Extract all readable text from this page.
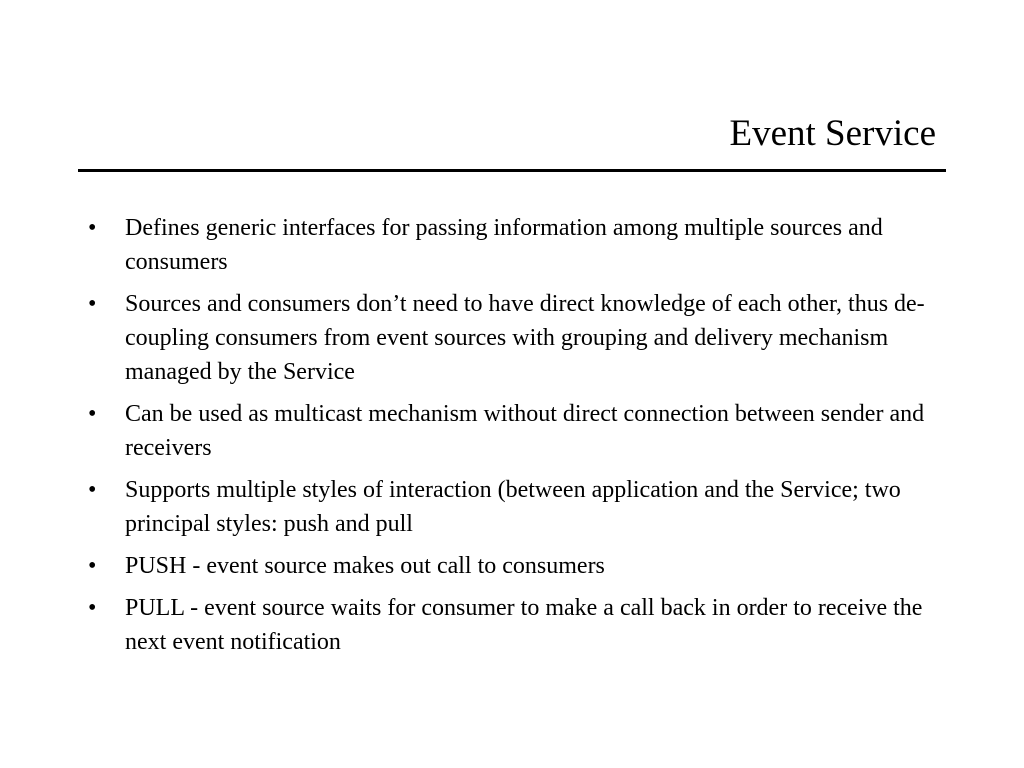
Event Service
• Defines generic interfaces for passing information among multiple sources and consumers
• Sources and consumers don’t need to have direct knowledge of each other, thus de-coupling consumers from event sources with grouping and delivery mechanism managed by the Service
• Can be used as multicast mechanism without direct connection between sender and receivers
• Supports multiple styles of interaction (between application and the Service; two principal styles: push and pull
• PUSH - event source makes out call to consumers
• PULL - event source waits for consumer to make a call back in order to receive the next event notification
